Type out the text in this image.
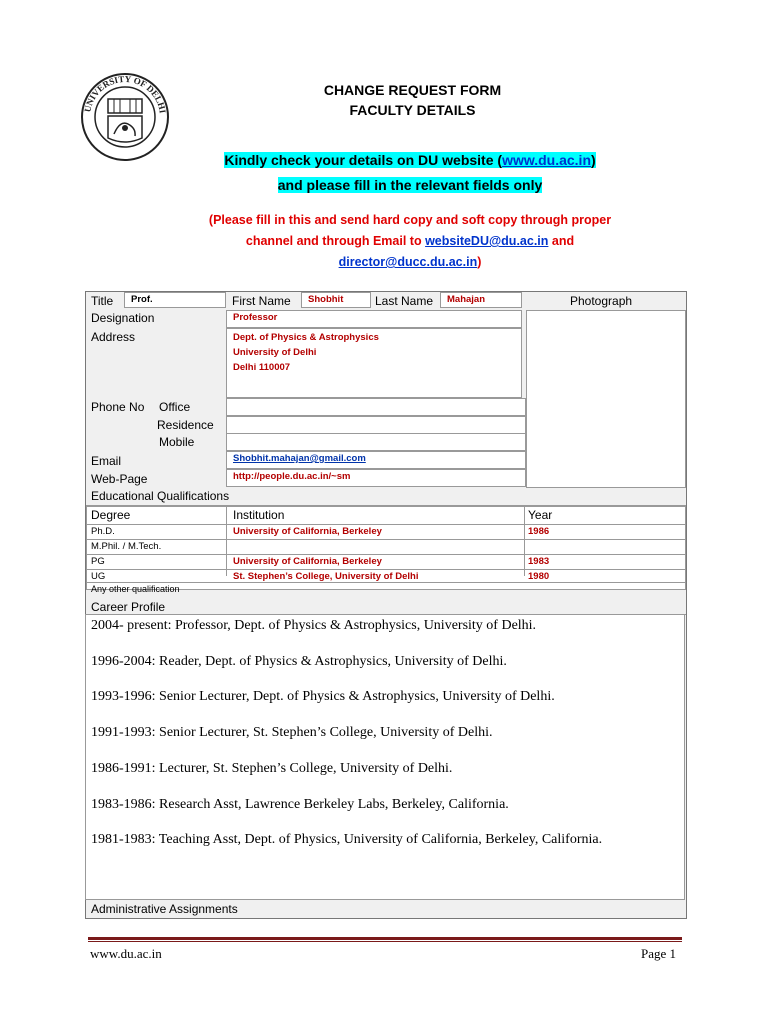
UNIVERSITY OF DELHI
CHANGE REQUEST FORM
FACULTY DETAILS
Kindly check your details on DU website (www.du.ac.in)
and please fill in the relevant fields only
(Please fill in this and send hard copy and soft copy through proper
channel and through Email to websiteDU@du.ac.in and
director@ducc.du.ac.in)
Title Prof.	First Name Shobhit	Last Name Mahajan	Photograph
Designation	Professor
Address	Dept. of Physics & Astrophysics
University of Delhi
Delhi 110007
Phone No Office
Residence
Mobile
Email	Shobhit.mahajan@gmail.com
Web-Page	http://people.du.ac.in/~sm
Educational Qualifications
Degree	Institution	Year
Ph.D.	University of California, Berkeley	1986
M.Phil. / M.Tech.
PG	University of California, Berkeley	1983
UG	St. Stephen’s College, University of Delhi	1980
Any other qualification
Career Profile
Administrative Assignments
2004- present: Professor, Dept. of Physics & Astrophysics, University of Delhi.
1996-2004: Reader, Dept. of Physics & Astrophysics, University of Delhi.
1993-1996: Senior Lecturer, Dept. of Physics & Astrophysics, University of Delhi.
1991-1993: Senior Lecturer, St. Stephen’s College, University of Delhi.
1986-1991: Lecturer, St. Stephen’s College, University of Delhi.
1983-1986: Research Asst, Lawrence Berkeley Labs, Berkeley, California.
1981-1983: Teaching Asst, Dept. of Physics, University of California, Berkeley, California.
www.du.ac.in	Page 1
